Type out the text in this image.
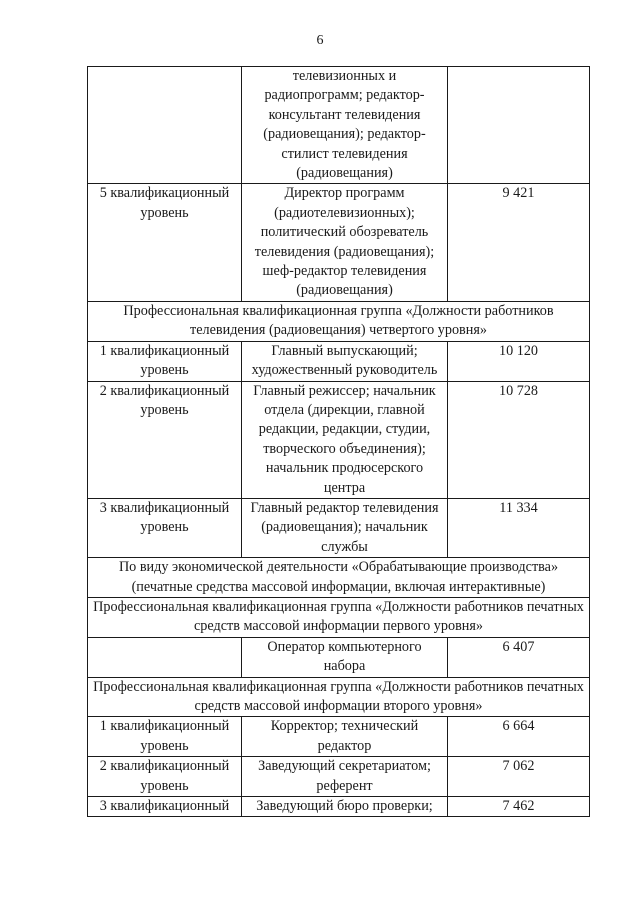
6
	телевизионных и радиопрограмм; редактор-консультант телевидения (радиовещания); редактор-стилист телевидения (радиовещания)	
5 квалификационный уровень	Директор программ (радиотелевизионных); политический обозреватель телевидения (радиовещания); шеф-редактор телевидения (радиовещания)	9 421
Профессиональная квалификационная группа «Должности работников телевидения (радиовещания) четвертого уровня»		
1 квалификационный уровень	Главный выпускающий; художественный руководитель	10 120
2 квалификационный уровень	Главный режиссер; начальник отдела (дирекции, главной редакции, редакции, студии, творческого объединения); начальник продюсерского центра	10 728
3 квалификационный уровень	Главный редактор телевидения (радиовещания); начальник службы	11 334
По виду экономической деятельности «Обрабатывающие производства» (печатные средства массовой информации, включая интерактивные)		
Профессиональная квалификационная группа «Должности работников печатных средств массовой информации первого уровня»		
	Оператор компьютерного набора	6 407
Профессиональная квалификационная группа «Должности работников печатных средств массовой информации второго уровня»		
1 квалификационный уровень	Корректор; технический редактор	6 664
2 квалификационный уровень	Заведующий секретариатом; референт	7 062
3 квалификационный	Заведующий бюро проверки;	7 462
